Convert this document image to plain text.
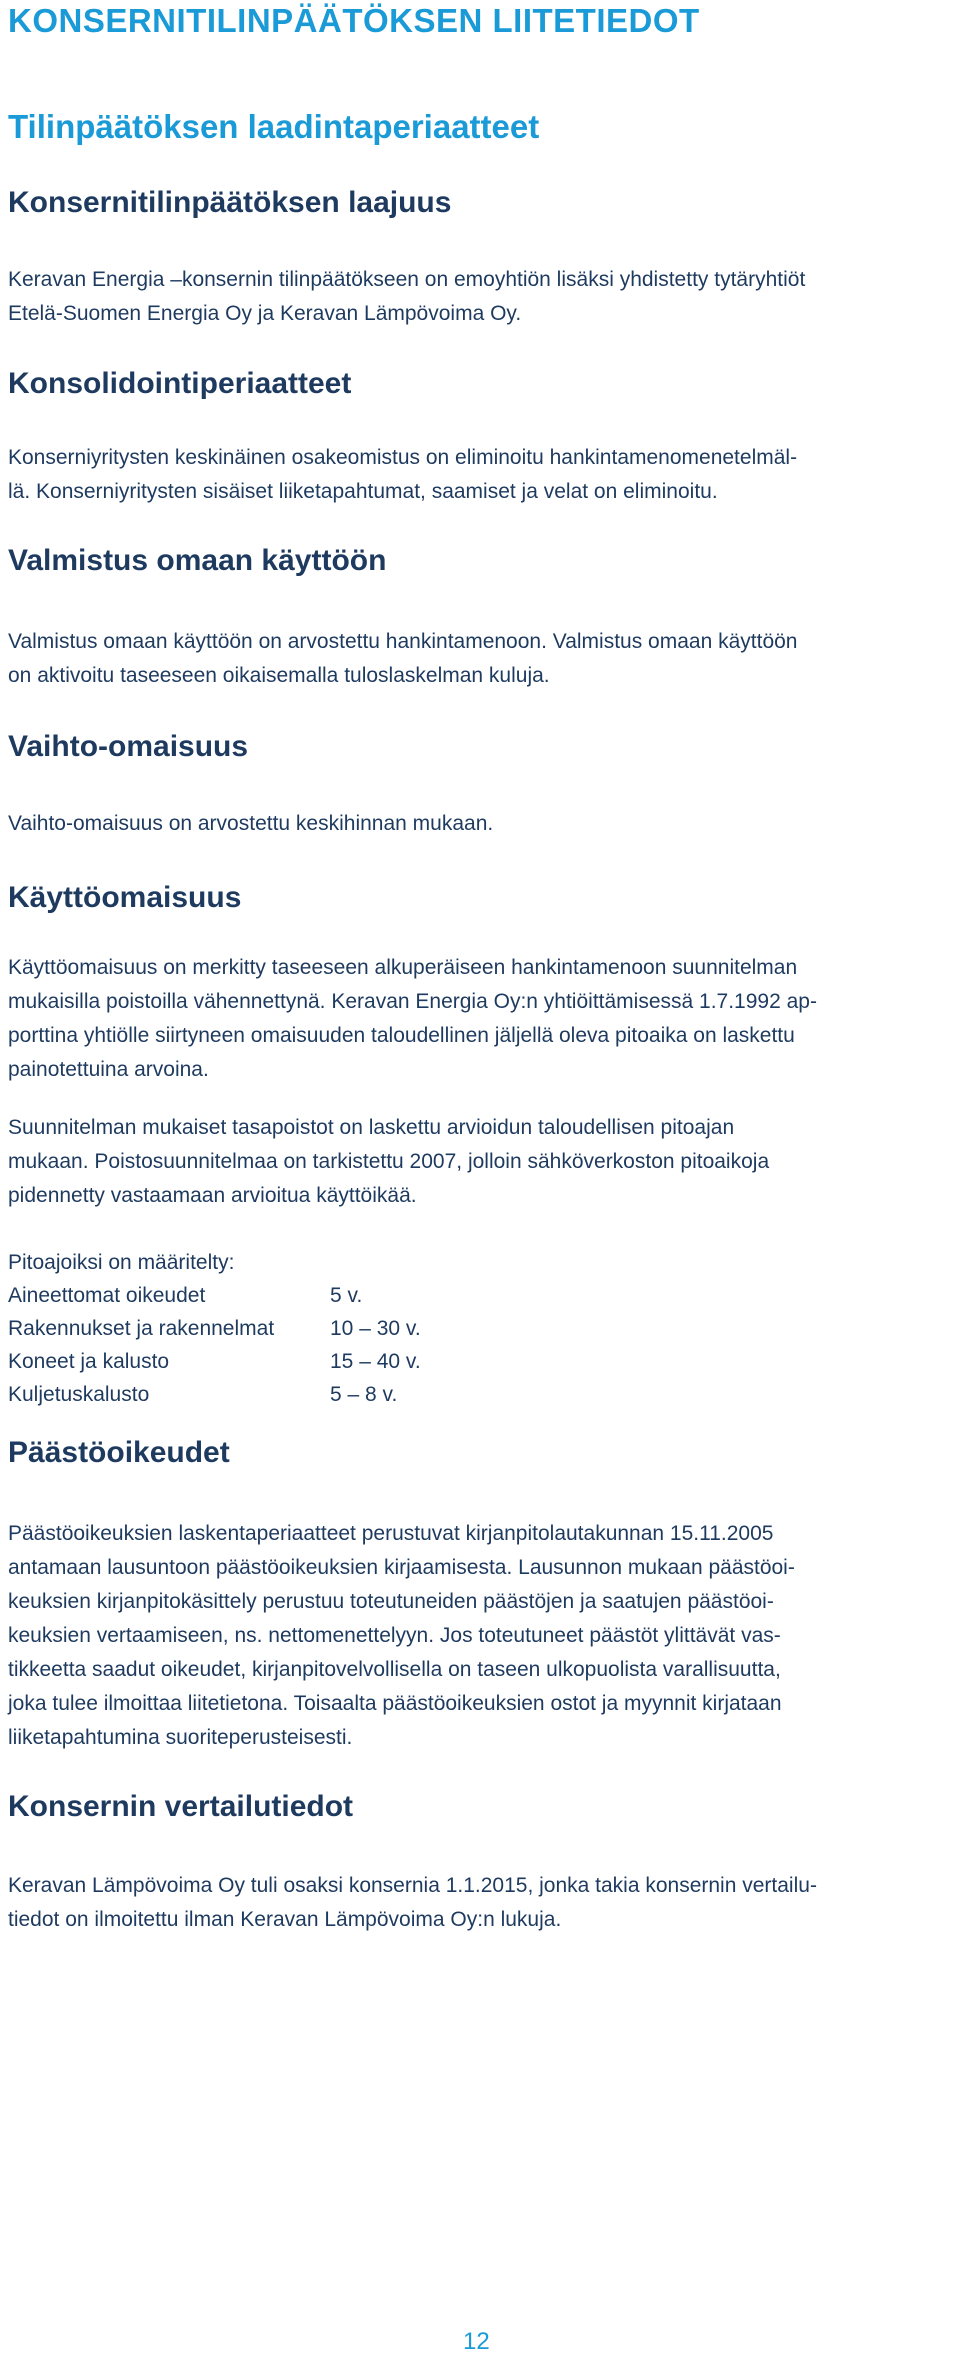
KONSERNITILINPÄÄTÖKSEN LIITETIEDOT
Tilinpäätöksen laadintaperiaatteet
Konsernitilinpäätöksen laajuus

Keravan Energia –konsernin tilinpäätökseen on emoyhtiön lisäksi yhdistetty tytäryhtiöt
Etelä-Suomen Energia Oy ja Keravan Lämpövoima Oy.

Konsolidointiperiaatteet

Konserniyritysten keskinäinen osakeomistus on eliminoitu hankintamenomenetelmäl-
lä. Konserniyritysten sisäiset liiketapahtumat, saamiset ja velat on eliminoitu.

Valmistus omaan käyttöön

Valmistus omaan käyttöön on arvostettu hankintamenoon. Valmistus omaan käyttöön
on aktivoitu taseeseen oikaisemalla tuloslaskelman kuluja.

Vaihto-omaisuus

Vaihto-omaisuus on arvostettu keskihinnan mukaan.

Käyttöomaisuus

Käyttöomaisuus on merkitty taseeseen alkuperäiseen hankintamenoon suunnitelman
mukaisilla poistoilla vähennettynä. Keravan Energia Oy:n yhtiöittämisessä 1.7.1992 ap-
porttina yhtiölle siirtyneen omaisuuden taloudellinen jäljellä oleva pitoaika on laskettu
painotettuina arvoina.

Suunnitelman mukaiset tasapoistot on laskettu arvioidun taloudellisen pitoajan
mukaan. Poistosuunnitelmaa on tarkistettu 2007, jolloin sähköverkoston pitoaikoja
pidennetty vastaamaan arvioitua käyttöikää.

Pitoajoiksi on määritelty:

Aineettomat oikeudet	5 v.
Rakennukset ja rakennelmat	10 – 30 v.
Koneet ja kalusto	15 – 40 v.
Kuljetuskalusto	5 – 8 v.
Päästöoikeudet

Päästöoikeuksien laskentaperiaatteet perustuvat kirjanpitolautakunnan 15.11.2005
antamaan lausuntoon päästöoikeuksien kirjaamisesta. Lausunnon mukaan päästöoi-
keuksien kirjanpitokäsittely perustuu toteutuneiden päästöjen ja saatujen päästöoi-
keuksien vertaamiseen, ns. nettomenettelyyn. Jos toteutuneet päästöt ylittävät vas-
tikkeetta saadut oikeudet, kirjanpitovelvollisella on taseen ulkopuolista varallisuutta,
joka tulee ilmoittaa liitetietona. Toisaalta päästöoikeuksien ostot ja myynnit kirjataan
liiketapahtumina suoriteperusteisesti.

Konsernin vertailutiedot

Keravan Lämpövoima Oy tuli osaksi konsernia 1.1.2015, jonka takia konsernin vertailu-
tiedot on ilmoitettu ilman Keravan Lämpövoima Oy:n lukuja.

12
